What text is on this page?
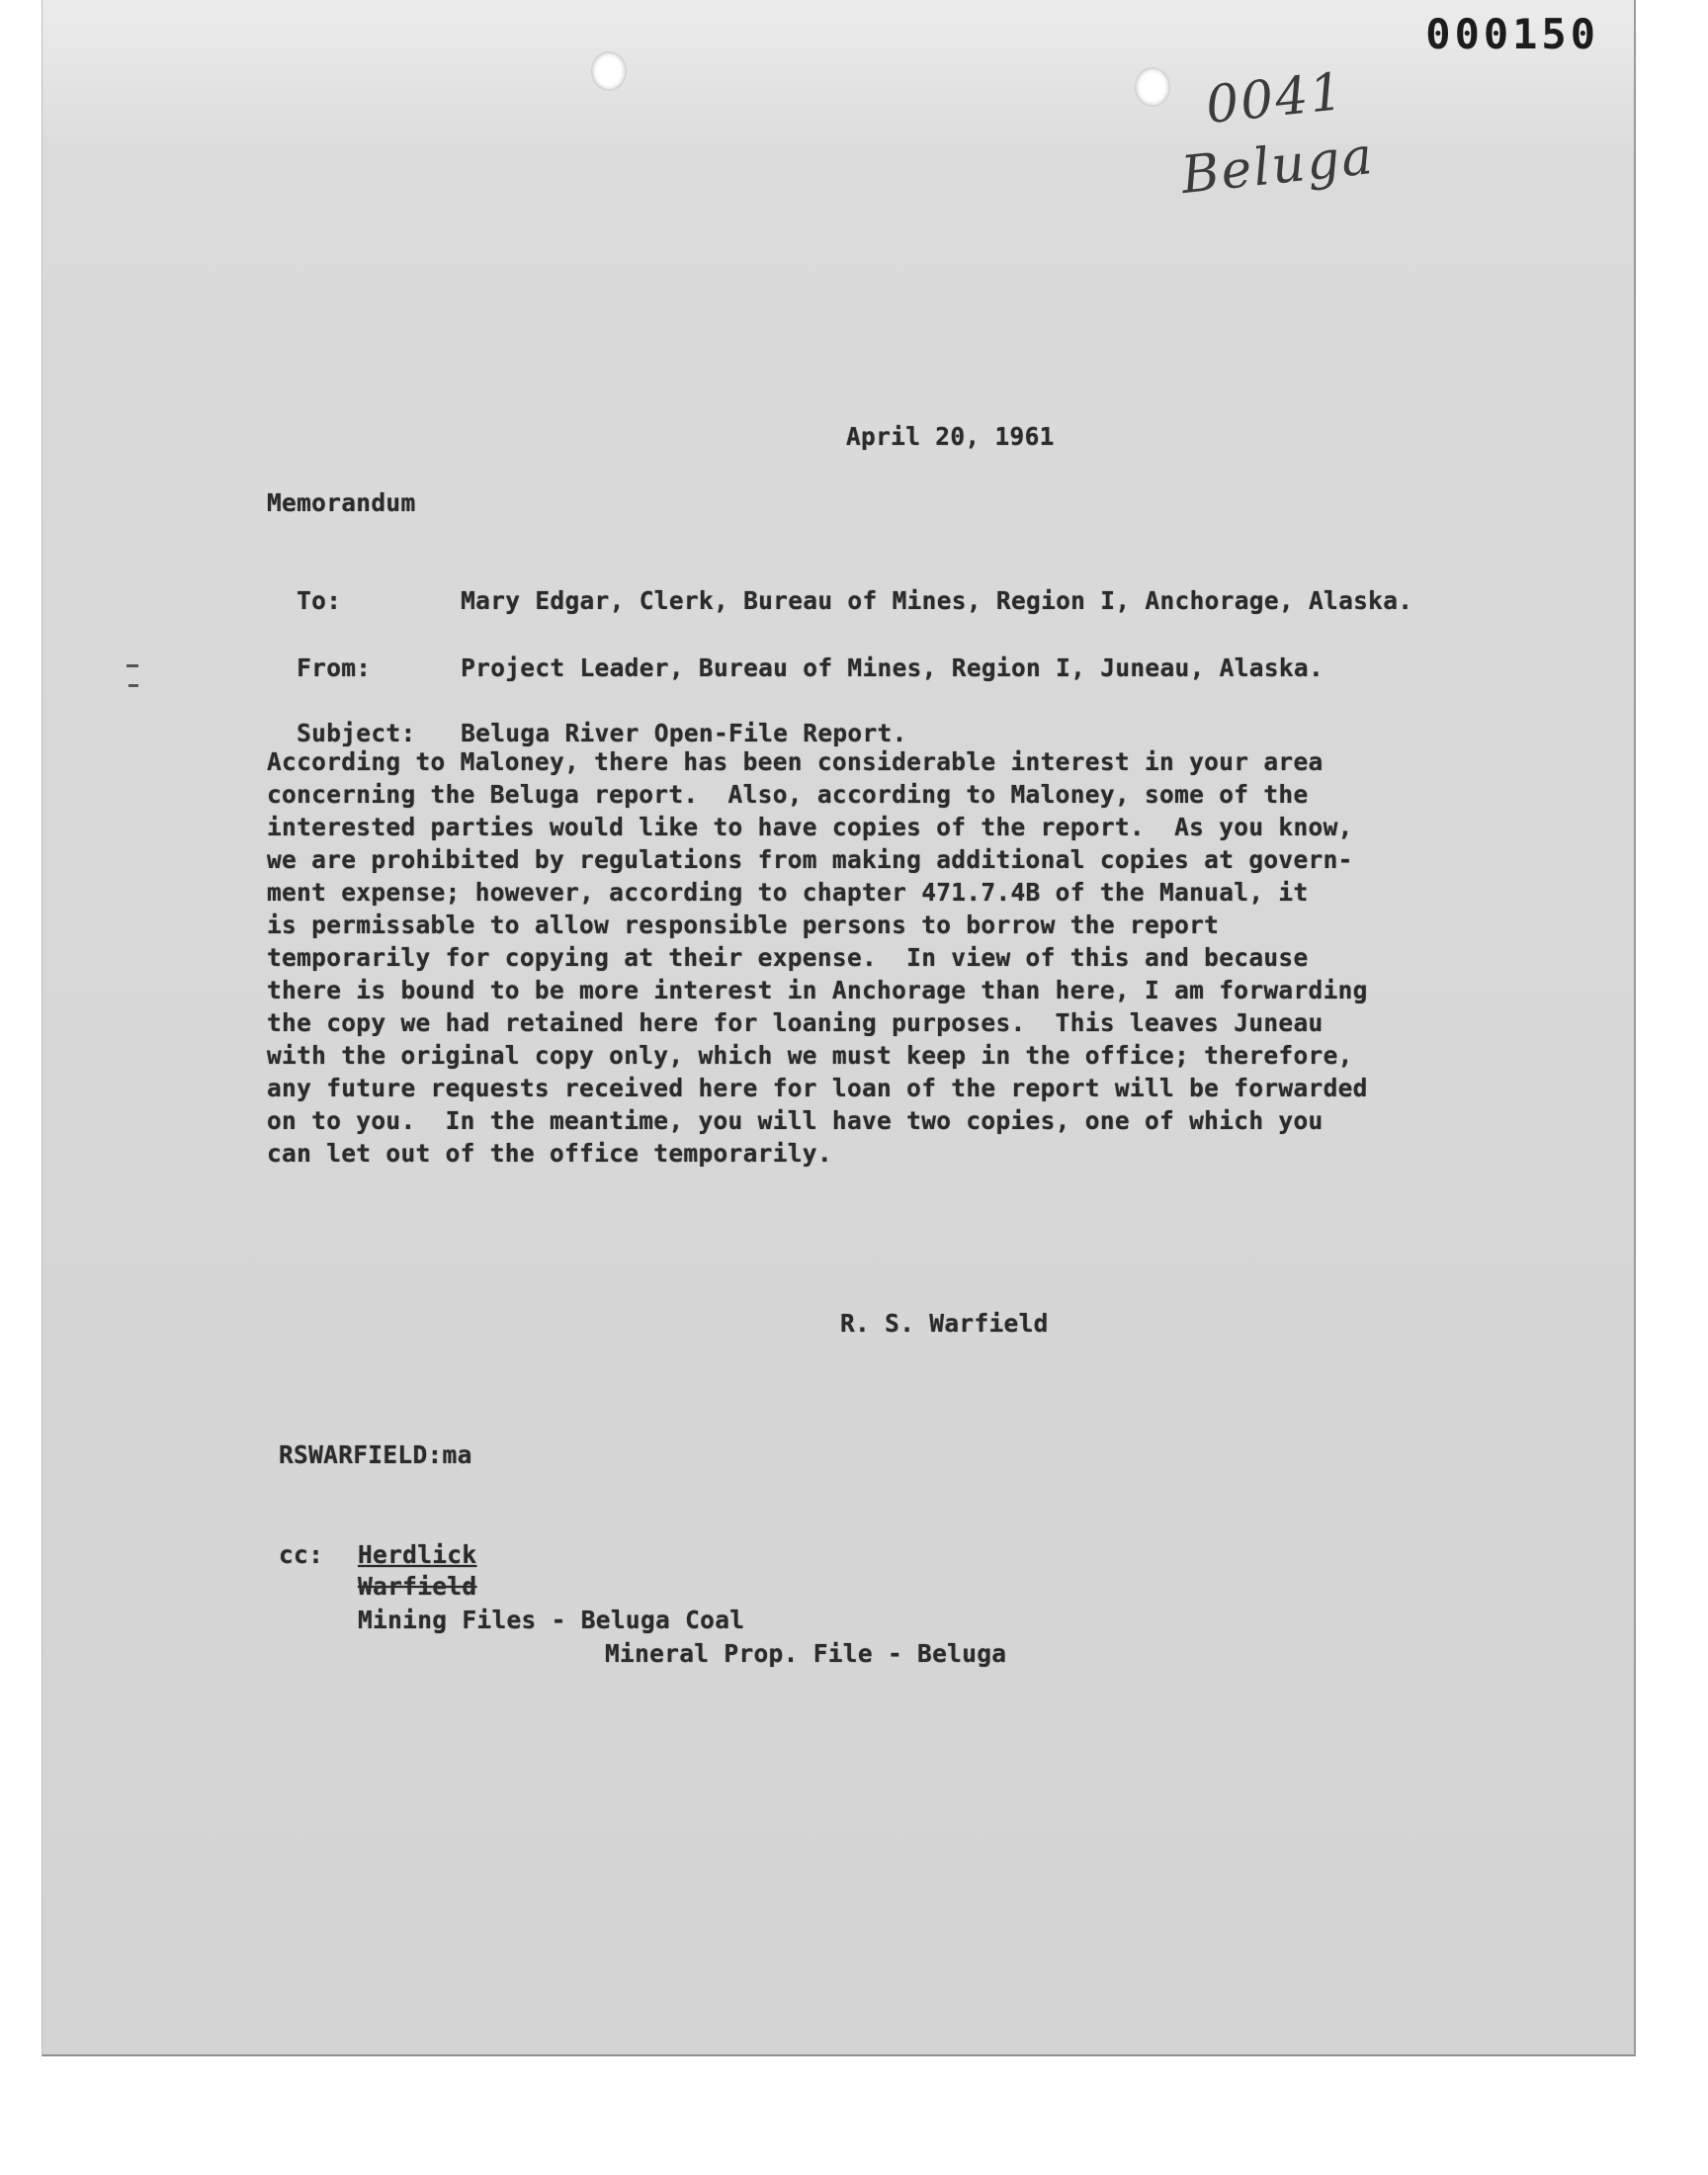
000150
0041
Beluga
April 20, 1961
Memorandum

To:	Mary Edgar, Clerk, Bureau of Mines, Region I, Anchorage, Alaska.

From:	Project Leader, Bureau of Mines, Region I, Juneau, Alaska.

Subject: Beluga River Open-File Report.

According to Maloney, there has been considerable interest in your area
concerning the Beluga report.  Also, according to Maloney, some of the
interested parties would like to have copies of the report.  As you know,
we are prohibited by regulations from making additional copies at govern-
ment expense; however, according to chapter 471.7.4B of the Manual, it
is permissable to allow responsible persons to borrow the report
temporarily for copying at their expense.  In view of this and because
there is bound to be more interest in Anchorage than here, I am forwarding
the copy we had retained here for loaning purposes.  This leaves Juneau
with the original copy only, which we must keep in the office; therefore,
any future requests received here for loan of the report will be forwarded
on to you.  In the meantime, you will have two copies, one of which you
can let out of the office temporarily.
R. S. Warfield
RSWARFIELD:ma
cc: Herdlick
Warfield
Mining Files - Beluga Coal
Mineral Prop. File - Beluga
